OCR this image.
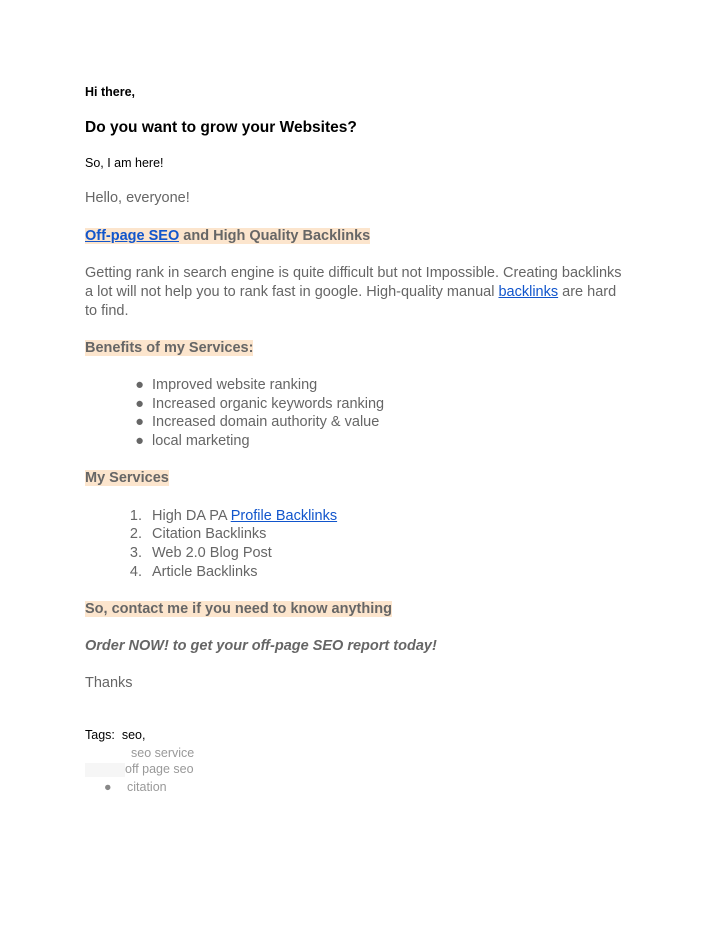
Hi there,
Do you want to grow your Websites?
So, I am here!
Hello, everyone!
Off-page SEO and High Quality Backlinks
Getting rank in search engine is quite difficult but not Impossible. Creating backlinks a lot will not help you to rank fast in google. High-quality manual backlinks are hard to find.
Benefits of my Services:
● Improved website ranking
● Increased organic keywords ranking
● Increased domain authority & value
● local marketing
My Services
1. High DA PA Profile Backlinks
2. Citation Backlinks
3. Web 2.0 Blog Post
4. Article Backlinks
So, contact me if you need to know anything
Order NOW! to get your off-page SEO report today!
Thanks
Tags: seo,
seo service
off page seo
● citation
